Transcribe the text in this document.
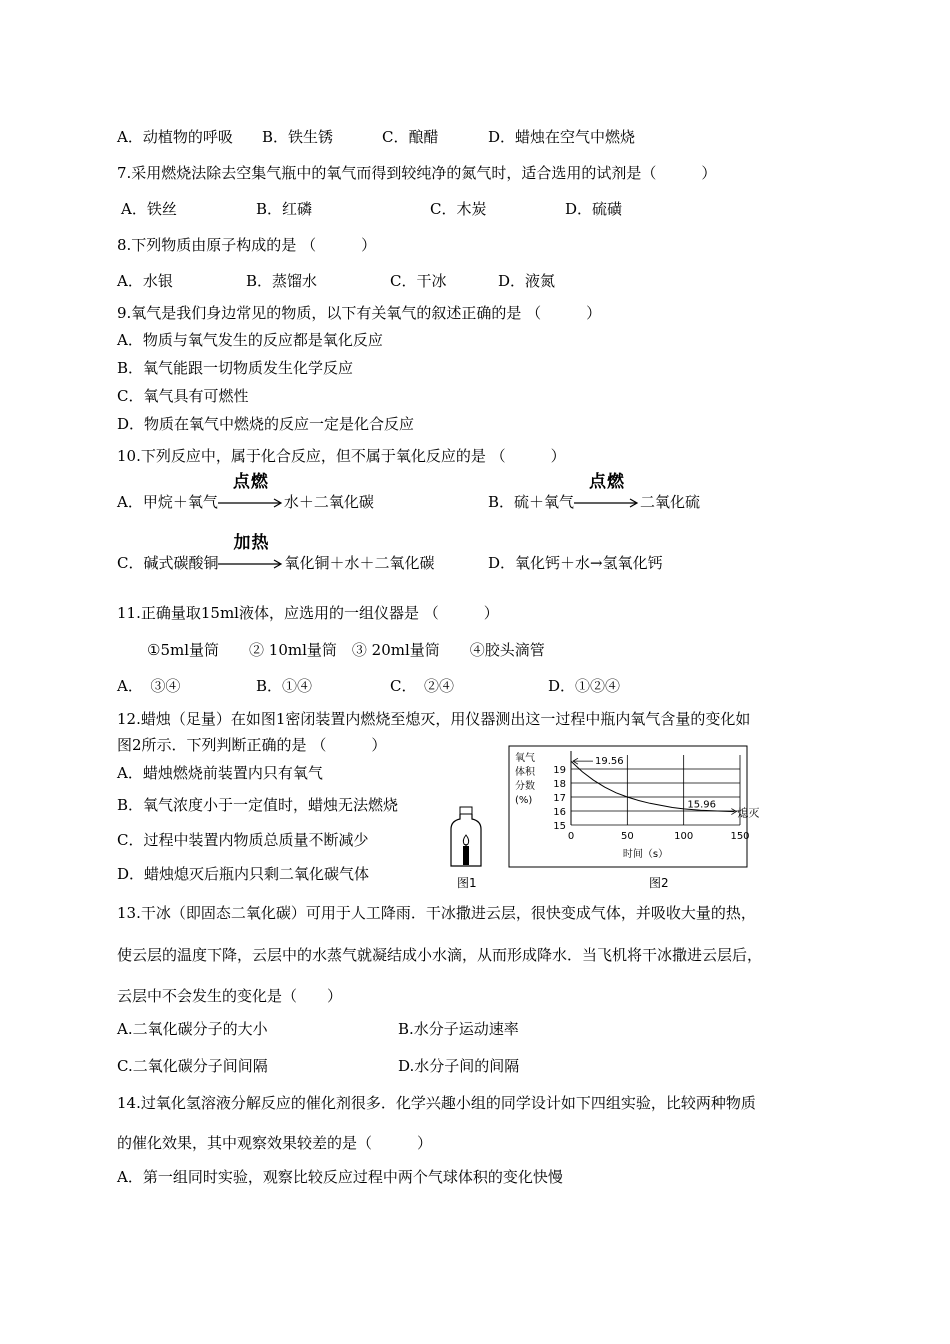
A．动植物的呼吸 B．铁生锈	C．酿醋	D．蜡烛在空气中燃烧
7.采用燃烧法除去空集气瓶中的氧气而得到较纯净的氮气时，适合选用的试剂是（　　　）
A．铁丝	B．红磷	C．木炭	D．硫磺
8.下列物质由原子构成的是 （　　　）
A．水银	B．蒸馏水	C．干冰	D．液氮
9.氧气是我们身边常见的物质，以下有关氧气的叙述正确的是 （　　　）
A．物质与氧气发生的反应都是氧化反应
B．氧气能跟一切物质发生化学反应
C．氧气具有可燃性
D．物质在氧气中燃烧的反应一定是化合反应
10.下列反应中，属于化合反应，但不属于氧化反应的是 （　　　）
A．甲烷＋氧气
点燃
水＋二氧化碳	B．硫＋氧气
点燃
二氧化硫
C．碱式碳酸铜
加热
氧化铜＋水＋二氧化碳	D．氧化钙＋水→氢氧化钙
11.正确量取15ml液体，应选用的一组仪器是 （　　　）
①5ml量筒　　② 10ml量筒　③ 20ml量筒　　④胶头滴管
A．　③④	B．①④	C．　②④	D．①②④
12.蜡烛（足量）在如图1密闭装置内燃烧至熄灭，用仪器测出这一过程中瓶内氧气含量的变化如
图2所示．下列判断正确的是 （　　　）
A．蜡烛燃烧前装置内只有氧气
B．氧气浓度小于一定值时，蜡烛无法燃烧
C．过程中装置内物质总质量不断减少
D．蜡烛熄灭后瓶内只剩二氧化碳气体	图1
氧气
体积
分数
(%)
15
16
17
18
19
0	50	100	150
时间（s）
19.56
15.96
熄灭
图2
13.干冰（即固态二氧化碳）可用于人工降雨．干冰撒进云层，很快变成气体，并吸收大量的热，
使云层的温度下降，云层中的水蒸气就凝结成小水滴，从而形成降水．当飞机将干冰撒进云层后，
云层中不会发生的变化是（　　）
A.二氧化碳分子的大小	B.水分子运动速率
C.二氧化碳分子间间隔	D.水分子间的间隔
14.过氧化氢溶液分解反应的催化剂很多．化学兴趣小组的同学设计如下四组实验，比较两种物质
的催化效果，其中观察效果较差的是（　　　）
A．第一组同时实验，观察比较反应过程中两个气球体积的变化快慢
